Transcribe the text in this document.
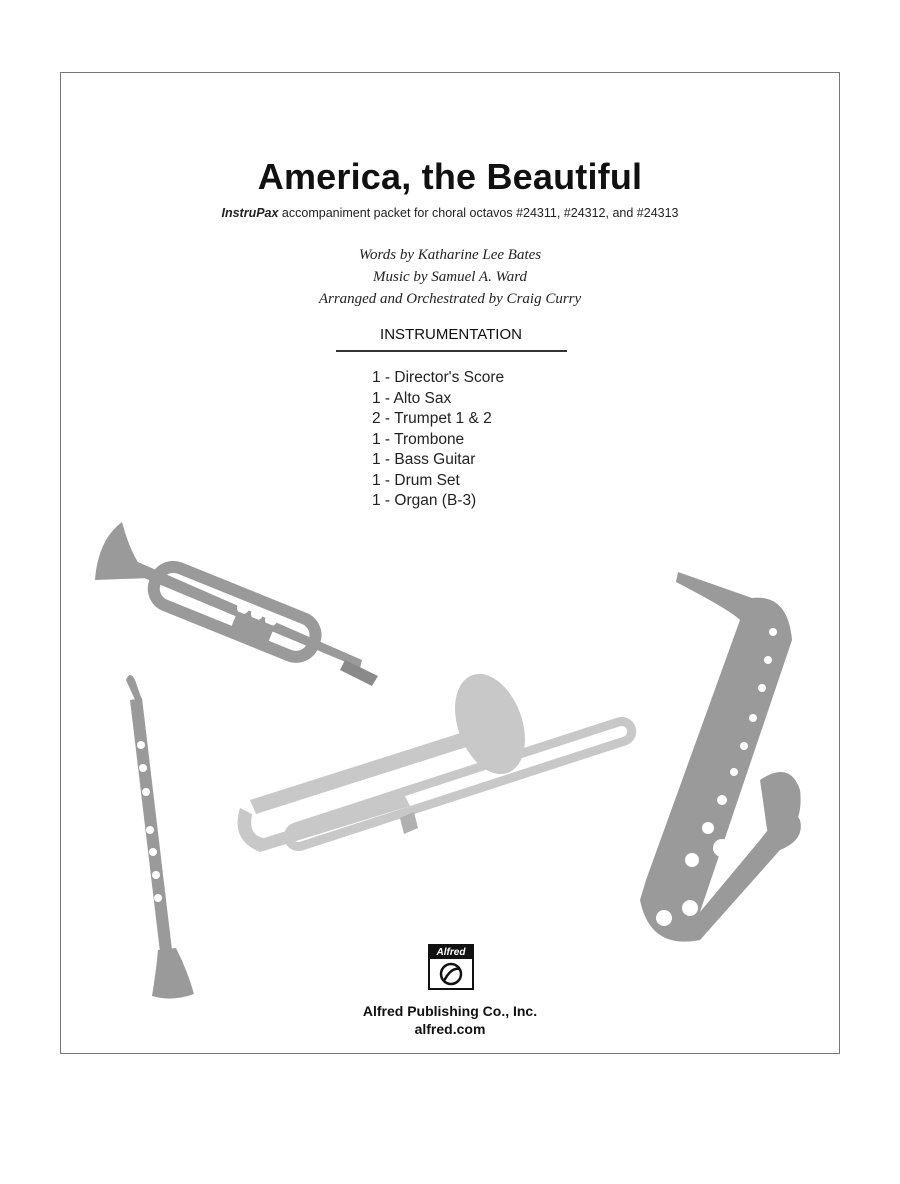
America, the Beautiful
InstruPax accompaniment packet for choral octavos #24311, #24312, and #24313
Words by Katharine Lee Bates
Music by Samuel A. Ward
Arranged and Orchestrated by Craig Curry
INSTRUMENTATION
1 - Director's Score
1 - Alto Sax
2 - Trumpet 1 & 2
1 - Trombone
1 - Bass Guitar
1 - Drum Set
1 - Organ (B-3)
Alfred
Alfred Publishing Co., Inc.
alfred.com
